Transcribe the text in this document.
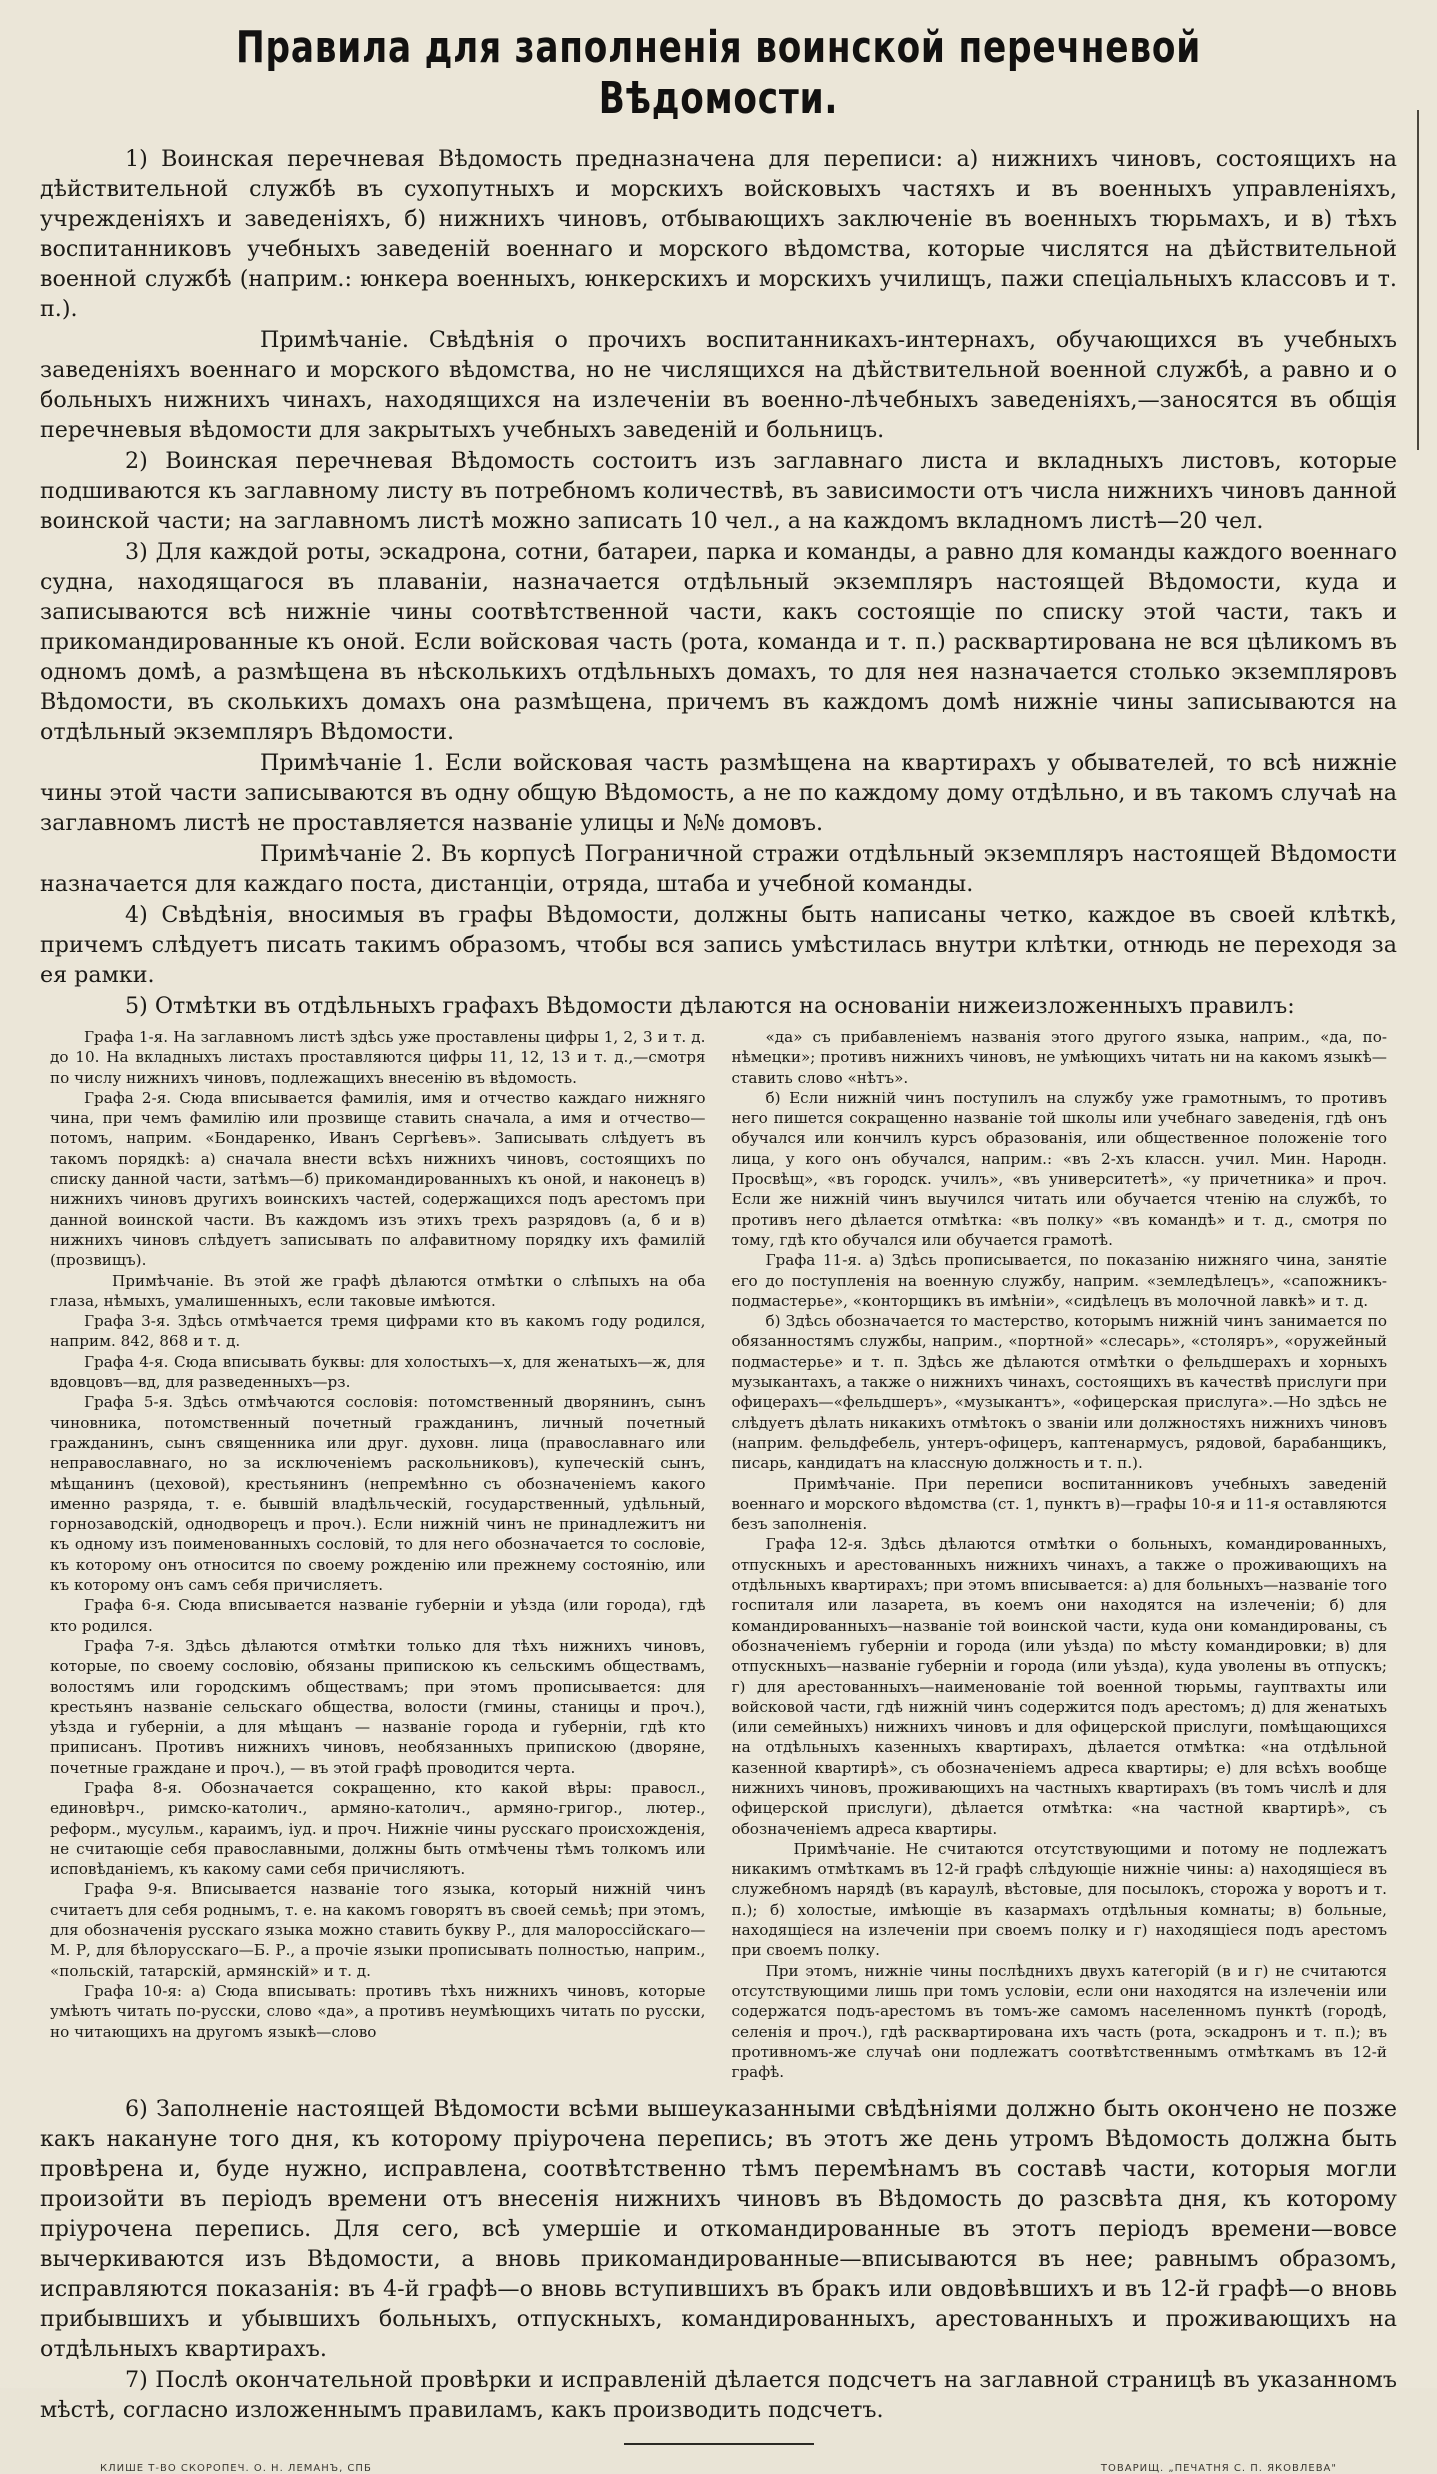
Правила для заполненія воинской перечневой Вѣдомости.

1) Воинская перечневая Вѣдомость предназначена для переписи: а) нижнихъ чиновъ, состоящихъ на дѣйствительной службѣ въ сухопутныхъ и морскихъ войсковыхъ частяхъ и въ военныхъ управленіяхъ, учрежденіяхъ и заведеніяхъ, б) нижнихъ чиновъ, отбывающихъ заключеніе въ военныхъ тюрьмахъ, и в) тѣхъ воспитанниковъ учебныхъ заведеній военнаго и морского вѣдомства, которые числятся на дѣйствительной военной службѣ (наприм.: юнкера военныхъ, юнкерскихъ и морскихъ училищъ, пажи спеціальныхъ классовъ и т. п.).

Примѣчаніе. Свѣдѣнія о прочихъ воспитанникахъ-интернахъ, обучающихся въ учебныхъ заведеніяхъ военнаго и морского вѣдомства, но не числящихся на дѣйствительной военной службѣ, а равно и о больныхъ нижнихъ чинахъ, находящихся на излеченіи въ военно-лѣчебныхъ заведеніяхъ,—заносятся въ общія перечневыя вѣдомости для закрытыхъ учебныхъ заведеній и больницъ.

2) Воинская перечневая Вѣдомость состоитъ изъ заглавнаго листа и вкладныхъ листовъ, которые подшиваются къ заглавному листу въ потребномъ количествѣ, въ зависимости отъ числа нижнихъ чиновъ данной воинской части; на заглавномъ листѣ можно записать 10 чел., а на каждомъ вкладномъ листѣ—20 чел.

3) Для каждой роты, эскадрона, сотни, батареи, парка и команды, а равно для команды каждого военнаго судна, находящагося въ плаваніи, назначается отдѣльный экземпляръ настоящей Вѣдомости, куда и записываются всѣ нижніе чины соотвѣтственной части, какъ состоящіе по списку этой части, такъ и прикомандированные къ оной. Если войсковая часть (рота, команда и т. п.) расквартирована не вся цѣликомъ въ одномъ домѣ, а размѣщена въ нѣсколькихъ отдѣльныхъ домахъ, то для нея назначается столько экземпляровъ Вѣдомости, въ сколькихъ домахъ она размѣщена, причемъ въ каждомъ домѣ нижніе чины записываются на отдѣльный экземпляръ Вѣдомости.

Примѣчаніе 1. Если войсковая часть размѣщена на квартирахъ у обывателей, то всѣ нижніе чины этой части записываются въ одну общую Вѣдомость, а не по каждому дому отдѣльно, и въ такомъ случаѣ на заглавномъ листѣ не проставляется названіе улицы и №№ домовъ.

Примѣчаніе 2. Въ корпусѣ Пограничной стражи отдѣльный экземпляръ настоящей Вѣдомости назначается для каждаго поста, дистанціи, отряда, штаба и учебной команды.

4) Свѣдѣнія, вносимыя въ графы Вѣдомости, должны быть написаны четко, каждое въ своей клѣткѣ, причемъ слѣдуетъ писать такимъ образомъ, чтобы вся запись умѣстилась внутри клѣтки, отнюдь не переходя за ея рамки.

5) Отмѣтки въ отдѣльныхъ графахъ Вѣдомости дѣлаются на основаніи нижеизложенныхъ правилъ:

Графа 1-я. На заглавномъ листѣ здѣсь уже проставлены цифры 1, 2, 3 и т. д. до 10. На вкладныхъ листахъ проставляются цифры 11, 12, 13 и т. д.,—смотря по числу нижнихъ чиновъ, подлежащихъ внесенію въ вѣдомость.

Графа 2-я. Сюда вписывается фамилія, имя и отчество каждаго нижняго чина, при чемъ фамилію или прозвище ставить сначала, а имя и отчество—потомъ, наприм. «Бондаренко, Иванъ Сергѣевъ». Записывать слѣдуетъ въ такомъ порядкѣ: а) сначала внести всѣхъ нижнихъ чиновъ, состоящихъ по списку данной части, затѣмъ—б) прикомандированныхъ къ оной, и наконецъ в) нижнихъ чиновъ другихъ воинскихъ частей, содержащихся подъ арестомъ при данной воинской части. Въ каждомъ изъ этихъ трехъ разрядовъ (а, б и в) нижнихъ чиновъ слѣдуетъ записывать по алфавитному порядку ихъ фамилій (прозвищъ).

Примѣчаніе. Въ этой же графѣ дѣлаются отмѣтки о слѣпыхъ на оба глаза, нѣмыхъ, умалишенныхъ, если таковые имѣются.

Графа 3-я. Здѣсь отмѣчается тремя цифрами кто въ какомъ году родился, наприм. 842, 868 и т. д.

Графа 4-я. Сюда вписывать буквы: для холостыхъ—х, для женатыхъ—ж, для вдовцовъ—вд, для разведенныхъ—рз.

Графа 5-я. Здѣсь отмѣчаются сословія: потомственный дворянинъ, сынъ чиновника, потомственный почетный гражданинъ, личный почетный гражданинъ, сынъ священника или друг. духовн. лица (православнаго или неправославнаго, но за исключеніемъ раскольниковъ), купеческій сынъ, мѣщанинъ (цеховой), крестьянинъ (непремѣнно съ обозначеніемъ какого именно разряда, т. е. бывшій владѣльческій, государственный, удѣльный, горнозаводскій, однодворецъ и проч.). Если нижній чинъ не принадлежитъ ни къ одному изъ поименованныхъ сословій, то для него обозначается то сословіе, къ которому онъ относится по своему рожденію или прежнему состоянію, или къ которому онъ самъ себя причисляетъ.

Графа 6-я. Сюда вписывается названіе губерніи и уѣзда (или города), гдѣ кто родился.

Графа 7-я. Здѣсь дѣлаются отмѣтки только для тѣхъ нижнихъ чиновъ, которые, по своему сословію, обязаны припискою къ сельскимъ обществамъ, волостямъ или городскимъ обществамъ; при этомъ прописывается: для крестьянъ названіе сельскаго общества, волости (гмины, станицы и проч.), уѣзда и губерніи, а для мѣщанъ — названіе города и губерніи, гдѣ кто приписанъ. Противъ нижнихъ чиновъ, необязанныхъ припискою (дворяне, почетные граждане и проч.), — въ этой графѣ проводится черта.

Графа 8-я. Обозначается сокращенно, кто какой вѣры: правосл., единовѣрч., римско-католич., армяно-католич., армяно-григор., лютер., реформ., мусульм., караимъ, іуд. и проч. Нижніе чины русскаго происхожденія, не считающіе себя православными, должны быть отмѣчены тѣмъ толкомъ или исповѣданіемъ, къ какому сами себя причисляютъ.

Графа 9-я. Вписывается названіе того языка, который нижній чинъ считаетъ для себя роднымъ, т. е. на какомъ говорятъ въ своей семьѣ; при этомъ, для обозначенія русскаго языка можно ставить букву Р., для малороссійскаго—М. Р, для бѣлорусскаго—Б. Р., а прочіе языки прописывать полностью, наприм., «польскій, татарскій, армянскій» и т. д.

Графа 10-я: а) Сюда вписывать: противъ тѣхъ нижнихъ чиновъ, которые умѣютъ читать по-русски, слово «да», а противъ неумѣющихъ читать по русски, но читающихъ на другомъ языкѣ—слово

«да» съ прибавленіемъ названія этого другого языка, наприм., «да, по-нѣмецки»; противъ нижнихъ чиновъ, не умѣющихъ читать ни на какомъ языкѣ—ставить слово «нѣтъ».

б) Если нижній чинъ поступилъ на службу уже грамотнымъ, то противъ него пишется сокращенно названіе той школы или учебнаго заведенія, гдѣ онъ обучался или кончилъ курсъ образованія, или общественное положеніе того лица, у кого онъ обучался, наприм.: «въ 2-хъ классн. учил. Мин. Народн. Просвѣщ», «въ городск. училъ», «въ университетѣ», «у причетника» и проч. Если же нижній чинъ выучился читать или обучается чтенію на службѣ, то противъ него дѣлается отмѣтка: «въ полку» «въ командѣ» и т. д., смотря по тому, гдѣ кто обучался или обучается грамотѣ.

Графа 11-я. а) Здѣсь прописывается, по показанію нижняго чина, занятіе его до поступленія на военную службу, наприм. «земледѣлецъ», «сапожникъ-подмастерье», «конторщикъ въ имѣніи», «сидѣлецъ въ молочной лавкѣ» и т. д.

б) Здѣсь обозначается то мастерство, которымъ нижній чинъ занимается по обязанностямъ службы, наприм., «портной» «слесарь», «столяръ», «оружейный подмастерье» и т. п. Здѣсь же дѣлаются отмѣтки о фельдшерахъ и хорныхъ музыкантахъ, а также о нижнихъ чинахъ, состоящихъ въ качествѣ прислуги при офицерахъ—«фельдшеръ», «музыкантъ», «офицерская прислуга».—Но здѣсь не слѣдуетъ дѣлать никакихъ отмѣтокъ о званіи или должностяхъ нижнихъ чиновъ (наприм. фельдфебель, унтеръ-офицеръ, каптенармусъ, рядовой, барабанщикъ, писарь, кандидатъ на классную должность и т. п.).

Примѣчаніе. При переписи воспитанниковъ учебныхъ заведеній военнаго и морского вѣдомства (ст. 1, пунктъ в)—графы 10-я и 11-я оставляются безъ заполненія.

Графа 12-я. Здѣсь дѣлаются отмѣтки о больныхъ, командированныхъ, отпускныхъ и арестованныхъ нижнихъ чинахъ, а также о проживающихъ на отдѣльныхъ квартирахъ; при этомъ вписывается: а) для больныхъ—названіе того госпиталя или лазарета, въ коемъ они находятся на излеченіи; б) для командированныхъ—названіе той воинской части, куда они командированы, съ обозначеніемъ губерніи и города (или уѣзда) по мѣсту командировки; в) для отпускныхъ—названіе губерніи и города (или уѣзда), куда уволены въ отпускъ; г) для арестованныхъ—наименованіе той военной тюрьмы, гауптвахты или войсковой части, гдѣ нижній чинъ содержится подъ арестомъ; д) для женатыхъ (или семейныхъ) нижнихъ чиновъ и для офицерской прислуги, помѣщающихся на отдѣльныхъ казенныхъ квартирахъ, дѣлается отмѣтка: «на отдѣльной казенной квартирѣ», съ обозначеніемъ адреса квартиры; е) для всѣхъ вообще нижнихъ чиновъ, проживающихъ на частныхъ квартирахъ (въ томъ числѣ и для офицерской прислуги), дѣлается отмѣтка: «на частной квартирѣ», съ обозначеніемъ адреса квартиры.

Примѣчаніе. Не считаются отсутствующими и потому не подлежатъ никакимъ отмѣткамъ въ 12-й графѣ слѣдующіе нижніе чины: а) находящіеся въ служебномъ нарядѣ (въ караулѣ, вѣстовые, для посылокъ, сторожа у воротъ и т. п.); б) холостые, имѣющіе въ казармахъ отдѣльныя комнаты; в) больные, находящіеся на излеченіи при своемъ полку и г) находящіеся подъ арестомъ при своемъ полку.

При этомъ, нижніе чины послѣднихъ двухъ категорій (в и г) не считаются отсутствующими лишь при томъ условіи, если они находятся на излеченіи или содержатся подъ-арестомъ въ томъ-же самомъ населенномъ пунктѣ (городѣ, селенія и проч.), гдѣ расквартирована ихъ часть (рота, эскадронъ и т. п.); въ противномъ-же случаѣ они подлежатъ соотвѣтственнымъ отмѣткамъ въ 12-й графѣ.

6) Заполненіе настоящей Вѣдомости всѣми вышеуказанными свѣдѣніями должно быть окончено не позже какъ накануне того дня, къ которому пріурочена перепись; въ этотъ же день утромъ Вѣдомость должна быть провѣрена и, буде нужно, исправлена, соотвѣтственно тѣмъ перемѣнамъ въ составѣ части, которыя могли произойти въ періодъ времени отъ внесенія нижнихъ чиновъ въ Вѣдомость до разсвѣта дня, къ которому пріурочена перепись. Для сего, всѣ умершіе и откомандированные въ этотъ періодъ времени—вовсе вычеркиваются изъ Вѣдомости, а вновь прикомандированные—вписываются въ нее; равнымъ образомъ, исправляются показанія: въ 4-й графѣ—о вновь вступившихъ въ бракъ или овдовѣвшихъ и въ 12-й графѣ—о вновь прибывшихъ и убывшихъ больныхъ, отпускныхъ, командированныхъ, арестованныхъ и проживающихъ на отдѣльныхъ квартирахъ.

7) Послѣ окончательной провѣрки и исправленій дѣлается подсчетъ на заглавной страницѣ въ указанномъ мѣстѣ, согласно изложеннымъ правиламъ, какъ производить подсчетъ.

КЛИШЕ Т-ВО СКОРОПЕЧ. О. Н. ЛЕМАНЪ, СПБ	ТОВАРИЩ. „ПЕЧАТНЯ С. П. ЯКОВЛЕВА"
